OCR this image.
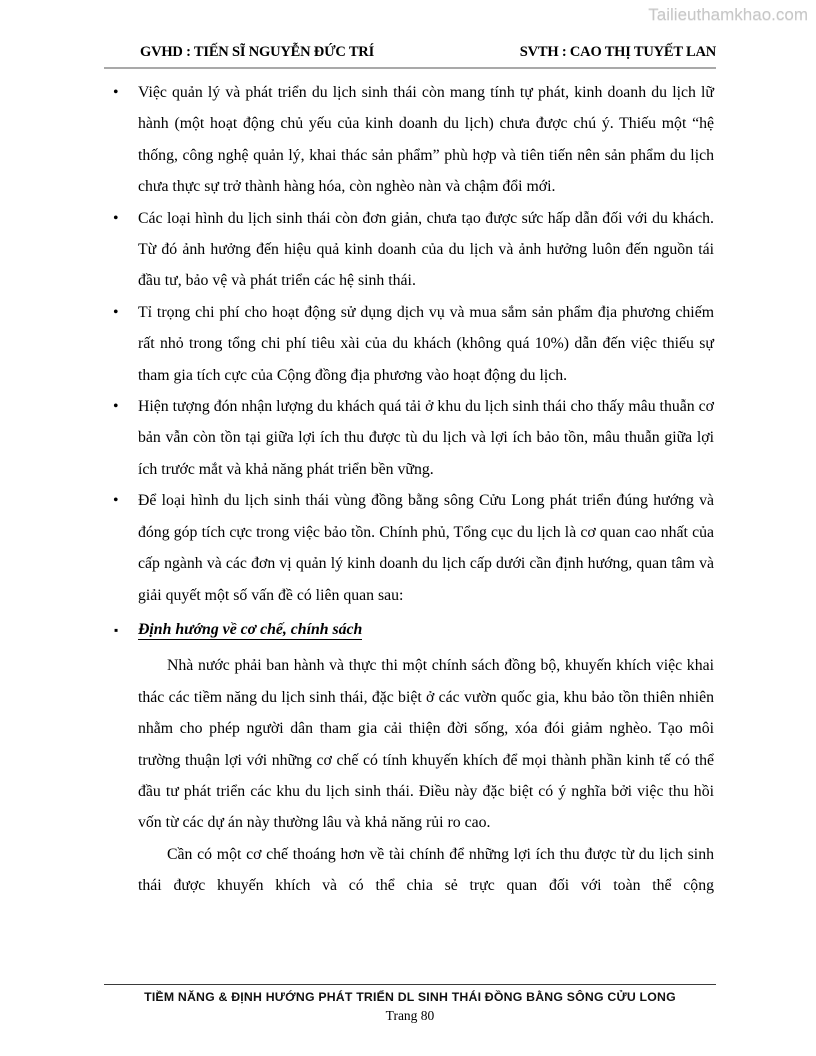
Tailieuthamkhao.com
GVHD : TIẾN SĨ NGUYỄN ĐỨC TRÍ	SVTH : CAO THỊ TUYẾT LAN
• Việc quản lý và phát triển du lịch sinh thái còn mang tính tự phát, kinh doanh du lịch lữ hành (một hoạt động chủ yếu của kinh doanh du lịch) chưa được chú ý. Thiếu một “hệ thống, công nghệ quản lý, khai thác sản phẩm” phù hợp và tiên tiến nên sản phẩm du lịch chưa thực sự trở thành hàng hóa, còn nghèo nàn và chậm đổi mới.
• Các loại hình du lịch sinh thái còn đơn giản, chưa tạo được sức hấp dẫn đối với du khách. Từ đó ảnh hưởng đến hiệu quả kinh doanh của du lịch và ảnh hưởng luôn đến nguồn tái đầu tư, bảo vệ và phát triển các hệ sinh thái.
• Tỉ trọng chi phí cho hoạt động sử dụng dịch vụ và mua sắm sản phẩm địa phương chiếm rất nhỏ trong tổng chi phí tiêu xài của du khách (không quá 10%) dẫn đến việc thiếu sự tham gia tích cực của Cộng đồng địa phương vào hoạt động du lịch.
• Hiện tượng đón nhận lượng du khách quá tải ở khu du lịch sinh thái cho thấy mâu thuẫn cơ bản vẫn còn tồn tại giữa lợi ích thu được tù du lịch và lợi ích bảo tồn, mâu thuẫn giữa lợi ích trước mắt và khả năng phát triển bền vững.
• Để loại hình du lịch sinh thái vùng đồng bằng sông Cửu Long phát triển đúng hướng và đóng góp tích cực trong việc bảo tồn. Chính phủ, Tổng cục du lịch là cơ quan cao nhất của cấp ngành và các đơn vị quản lý kinh doanh du lịch cấp dưới cần định hướng, quan tâm và giải quyết một số vấn đề có liên quan sau:
▪ Định hướng về cơ chế, chính sách

Nhà nước phải ban hành và thực thi một chính sách đồng bộ, khuyến khích việc khai thác các tiềm năng du lịch sinh thái, đặc biệt ở các vườn quốc gia, khu bảo tồn thiên nhiên nhằm cho phép người dân tham gia cải thiện đời sống, xóa đói giảm nghèo. Tạo môi trường thuận lợi với những cơ chế có tính khuyến khích để mọi thành phần kinh tế có thể đầu tư phát triển các khu du lịch sinh thái. Điều này đặc biệt có ý nghĩa bởi việc thu hồi vốn từ các dự án này thường lâu và khả năng rủi ro cao.

Cần có một cơ chế thoáng hơn về tài chính để những lợi ích thu được từ du lịch sinh thái được khuyến khích và có thể chia sẻ trực quan đối với toàn thể cộng

TIỀM NĂNG & ĐỊNH HƯỚNG PHÁT TRIỂN DL SINH THÁI ĐỒNG BẰNG SÔNG CỬU LONG
Trang 80
